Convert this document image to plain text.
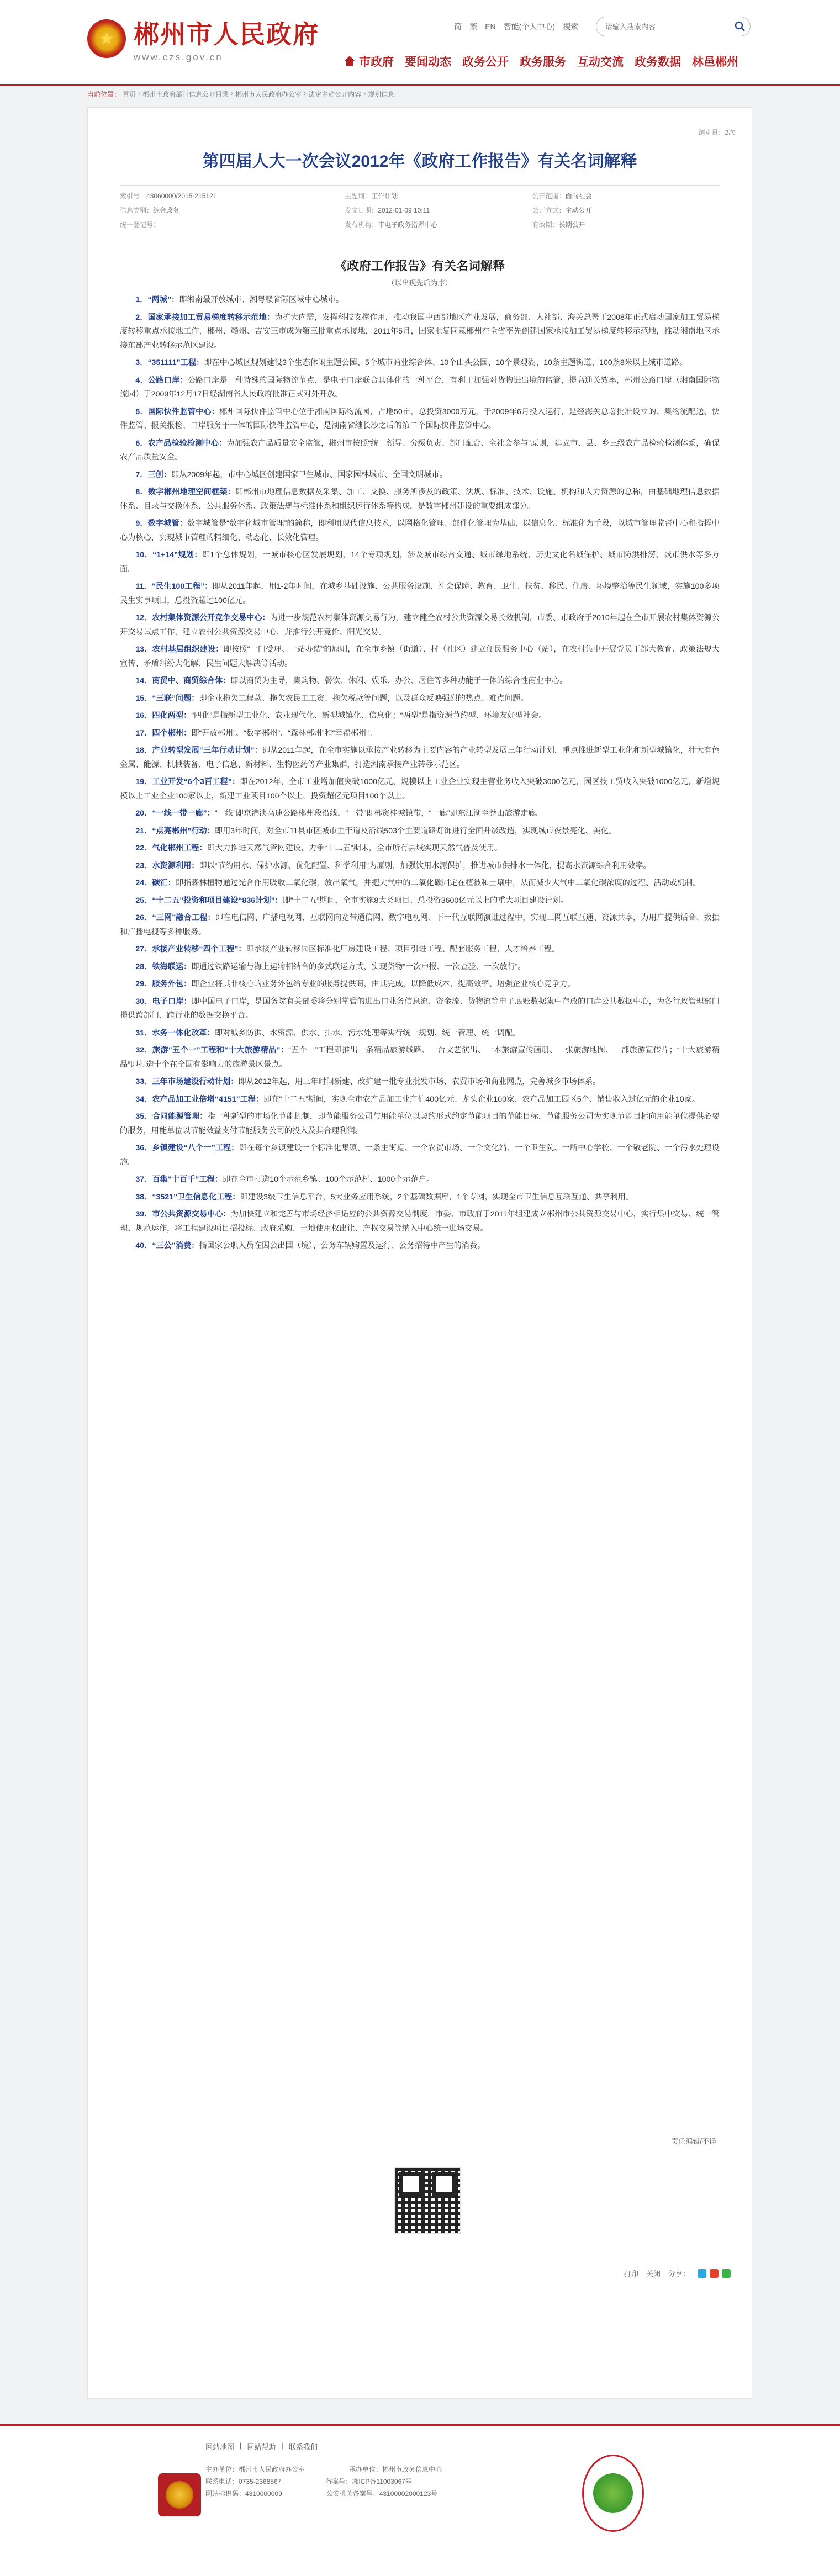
★ 郴州市人民政府
www.czs.gov.cn
简 繁 EN 智能(个人中心) 搜索
请输入搜索内容
市政府 要闻动态 政务公开 政务服务 互动交流 政务数据 林邑郴州
当前位置： 首页 › 郴州市政府部门信息公开目录 › 郴州市人民政府办公室 › 法定主动公开内容 › 规划信息
浏览量：2次
第四届人大一次会议2012年《政府工作报告》有关名词解释
索引号：43060000/2015-215121	主题词：工作计划	公开范围：面向社会
信息类别：综合政务	发文日期：2012-01-09 10:11	公开方式：主动公开
统一登记号：	发布机构：市电子政务指挥中心	有效期：长期公开
《政府工作报告》有关名词解释
（以出现先后为序）

1．“两城”：即湘南最开放城市、湘粤赣省际区域中心城市。

2．国家承接加工贸易梯度转移示范地：为扩大内需，发挥科技支撑作用，推动我国中西部地区产业发展，商务部、人社部、海关总署于2008年正式启动国家加工贸易梯度转移重点承接地工作，郴州、赣州、吉安三市成为第三批重点承接地，2011年5月，国家批复同意郴州在全省率先创建国家承接加工贸易梯度转移示范地，推动湘南地区承接东部产业转移示范区建设。

3．“351111”工程：即在中心城区规划建设3个生态休闲主题公园、5个城市商业综合体、10个山头公园、10个景观湖、10条主题街道、100条8米以上城市道路。

4．公路口岸：公路口岸是一种特殊的国际物流节点，是电子口岸联合具体化的一种平台，有利于加强对货物进出境的监管，提高通关效率，郴州公路口岸（湘南国际物流园）于2009年12月17日经湖南省人民政府批准正式对外开放。

5．国际快件监管中心：郴州国际快件监管中心位于湘南国际物流园，占地50亩，总投资3000万元，于2009年6月投入运行，是经海关总署批准设立的、集物流配送、快件监管、报关报检、口岸服务于一体的国际快件监管中心，是湖南省继长沙之后的第二个国际快件监管中心。

6．农产品检验检测中心：为加强农产品质量安全监管，郴州市按照“统一领导、分级负责、部门配合、全社会参与”原则，建立市、县、乡三级农产品检验检测体系，确保农产品质量安全。

7．三创：即从2009年起，市中心城区创建国家卫生城市、国家园林城市、全国文明城市。

8．数字郴州地理空间框架：即郴州市地理信息数据及采集、加工、交换、服务所涉及的政策、法规、标准、技术、设施、机构和人力资源的总称，由基础地理信息数据体系、目录与交换体系、公共服务体系、政策法规与标准体系和组织运行体系等构成，是数字郴州建设的重要组成部分。

9．数字城管：数字城管是“数字化城市管理”的简称，即利用现代信息技术，以网格化管理、部件化管理为基础，以信息化、标准化为手段，以城市管理监督中心和指挥中心为核心，实现城市管理的精细化、动态化、长效化管理。

10．“1+14”规划：即1个总体规划，一城市核心区发展规划，14个专项规划，涉及城市综合交通、城市绿地系统、历史文化名城保护、城市防洪排涝、城市供水等多方面。

11．“民生100工程”：即从2011年起，用1-2年时间，在城乡基础设施、公共服务设施、社会保障、教育、卫生、扶贫、移民、住房、环境整治等民生领域，实施100多项民生实事项目，总投资超过100亿元。

12．农村集体资源公开竞争交易中心：为进一步规范农村集体资源交易行为，建立健全农村公共资源交易长效机制，市委、市政府于2010年起在全市开展农村集体资源公开交易试点工作，建立农村公共资源交易中心，并推行公开竞价、阳光交易。

13．农村基层组织建设：即按照“一门受理、一站办结”的原则，在全市乡镇（街道）、村（社区）建立便民服务中心（站），在农村集中开展党员干部大教育、政策法规大宣传、矛盾纠纷大化解、民生问题大解决等活动。

14．商贸中、商贸综合体：即以商贸为主导，集购物、餐饮、休闲、娱乐、办公、居住等多种功能于一体的综合性商业中心。

15．“三联”问题：即企业拖欠工程款、拖欠农民工工资、拖欠税款等问题，以及群众反映强烈的热点、难点问题。

16．四化两型：“四化”是指新型工业化、农业现代化、新型城镇化、信息化；“两型”是指资源节约型、环境友好型社会。

17．四个郴州：即“开放郴州”、“数字郴州”、“森林郴州”和“幸福郴州”。

18．产业转型发展“三年行动计划”：即从2011年起，在全市实施以承接产业转移为主要内容的产业转型发展三年行动计划，重点推进新型工业化和新型城镇化，壮大有色金属、能源、机械装备、电子信息、新材料、生物医药等产业集群，打造湘南承接产业转移示范区。

19．工业开发“6个3百工程”：即在2012年，全市工业增加值突破1000亿元，规模以上工业企业实现主营业务收入突破3000亿元，园区技工贸收入突破1000亿元，新增规模以上工业企业100家以上，新建工业项目100个以上，投资超亿元项目100个以上。

20．“一线一带一廊”：“一线”即京港澳高速公路郴州段沿线，“一带”即郴资桂城镇带，“一廊”即东江湖至莽山旅游走廊。

21．“点亮郴州”行动：即用3年时间，对全市11县市区城市主干道及沿线503个主要道路灯饰进行全面升级改造，实现城市夜景亮化、美化。

22．气化郴州工程：即大力推进天然气管网建设，力争“十二五”期末，全市所有县城实现天然气普及使用。

23．水资源利用：即以“节约用水、保护水源、优化配置、科学利用”为原则，加强饮用水源保护，推进城市供排水一体化，提高水资源综合利用效率。

24．碳汇：即指森林植物通过光合作用吸收二氧化碳，放出氧气，并把大气中的二氧化碳固定在植被和土壤中，从而减少大气中二氧化碳浓度的过程、活动或机制。

25．“十二五”投资和项目建设“836计划”：即“十二五”期间，全市实施8大类项目、总投资3600亿元以上的重大项目建设计划。

26．“三网”融合工程：即在电信网、广播电视网、互联网向宽带通信网、数字电视网、下一代互联网演进过程中，实现三网互联互通、资源共享，为用户提供话音、数据和广播电视等多种服务。

27．承接产业转移“四个工程”：即承接产业转移园区标准化厂房建设工程、项目引进工程、配套服务工程、人才培养工程。

28．铁海联运：即通过铁路运输与海上运输相结合的多式联运方式，实现货物“一次申报、一次查验、一次放行”。

29．服务外包：即企业将其非核心的业务外包给专业的服务提供商，由其完成，以降低成本、提高效率、增强企业核心竞争力。

30．电子口岸：即中国电子口岸，是国务院有关部委将分别掌管的进出口业务信息流、资金流、货物流等电子底账数据集中存放的口岸公共数据中心，为各行政管理部门提供跨部门、跨行业的数据交换平台。

31．水务一体化改革：即对城乡防洪、水资源、供水、排水、污水处理等实行统一规划、统一管理、统一调配。

32．旅游“五个一”工程和“十大旅游精品”：“五个一”工程即推出一条精品旅游线路、一台文艺演出、一本旅游宣传画册、一张旅游地图、一部旅游宣传片；“十大旅游精品”即打造十个在全国有影响力的旅游景区景点。

33．三年市场建设行动计划：即从2012年起，用三年时间新建、改扩建一批专业批发市场、农贸市场和商业网点，完善城乡市场体系。

34．农产品加工业倍增“4151”工程：即在“十二五”期间，实现全市农产品加工业产值400亿元、龙头企业100家、农产品加工园区5个、销售收入过亿元的企业10家。

35．合同能源管理：指一种新型的市场化节能机制，即节能服务公司与用能单位以契约形式约定节能项目的节能目标，节能服务公司为实现节能目标向用能单位提供必要的服务，用能单位以节能效益支付节能服务公司的投入及其合理利润。

36．乡镇建设“八个一”工程：即在每个乡镇建设一个标准化集镇、一条主街道、一个农贸市场、一个文化站、一个卫生院、一所中心学校、一个敬老院、一个污水处理设施。

37．百集“十百千”工程：即在全市打造10个示范乡镇、100个示范村、1000个示范户。

38．“3521”卫生信息化工程：即建设3级卫生信息平台，5大业务应用系统，2个基础数据库，1个专网，实现全市卫生信息互联互通、共享利用。

39．市公共资源交易中心：为加快建立和完善与市场经济相适应的公共资源交易制度，市委、市政府于2011年组建成立郴州市公共资源交易中心，实行集中交易、统一管理、规范运作，将工程建设项目招投标、政府采购、土地使用权出让、产权交易等纳入中心统一进场交易。

40．“三公”消费：指国家公职人员在因公出国（境）、公务车辆购置及运行、公务招待中产生的消费。

责任编辑/不详
打印 关闭 分享：
网站地图 | 网站帮助 | 联系我们
主办单位：郴州市人民政府办公室	承办单位：郴州市政务信息中心
联系电话：0735-2368567	备案号：湘ICP备11003067号
网站标识码：4310000009	公安机关备案号：43100002000123号
